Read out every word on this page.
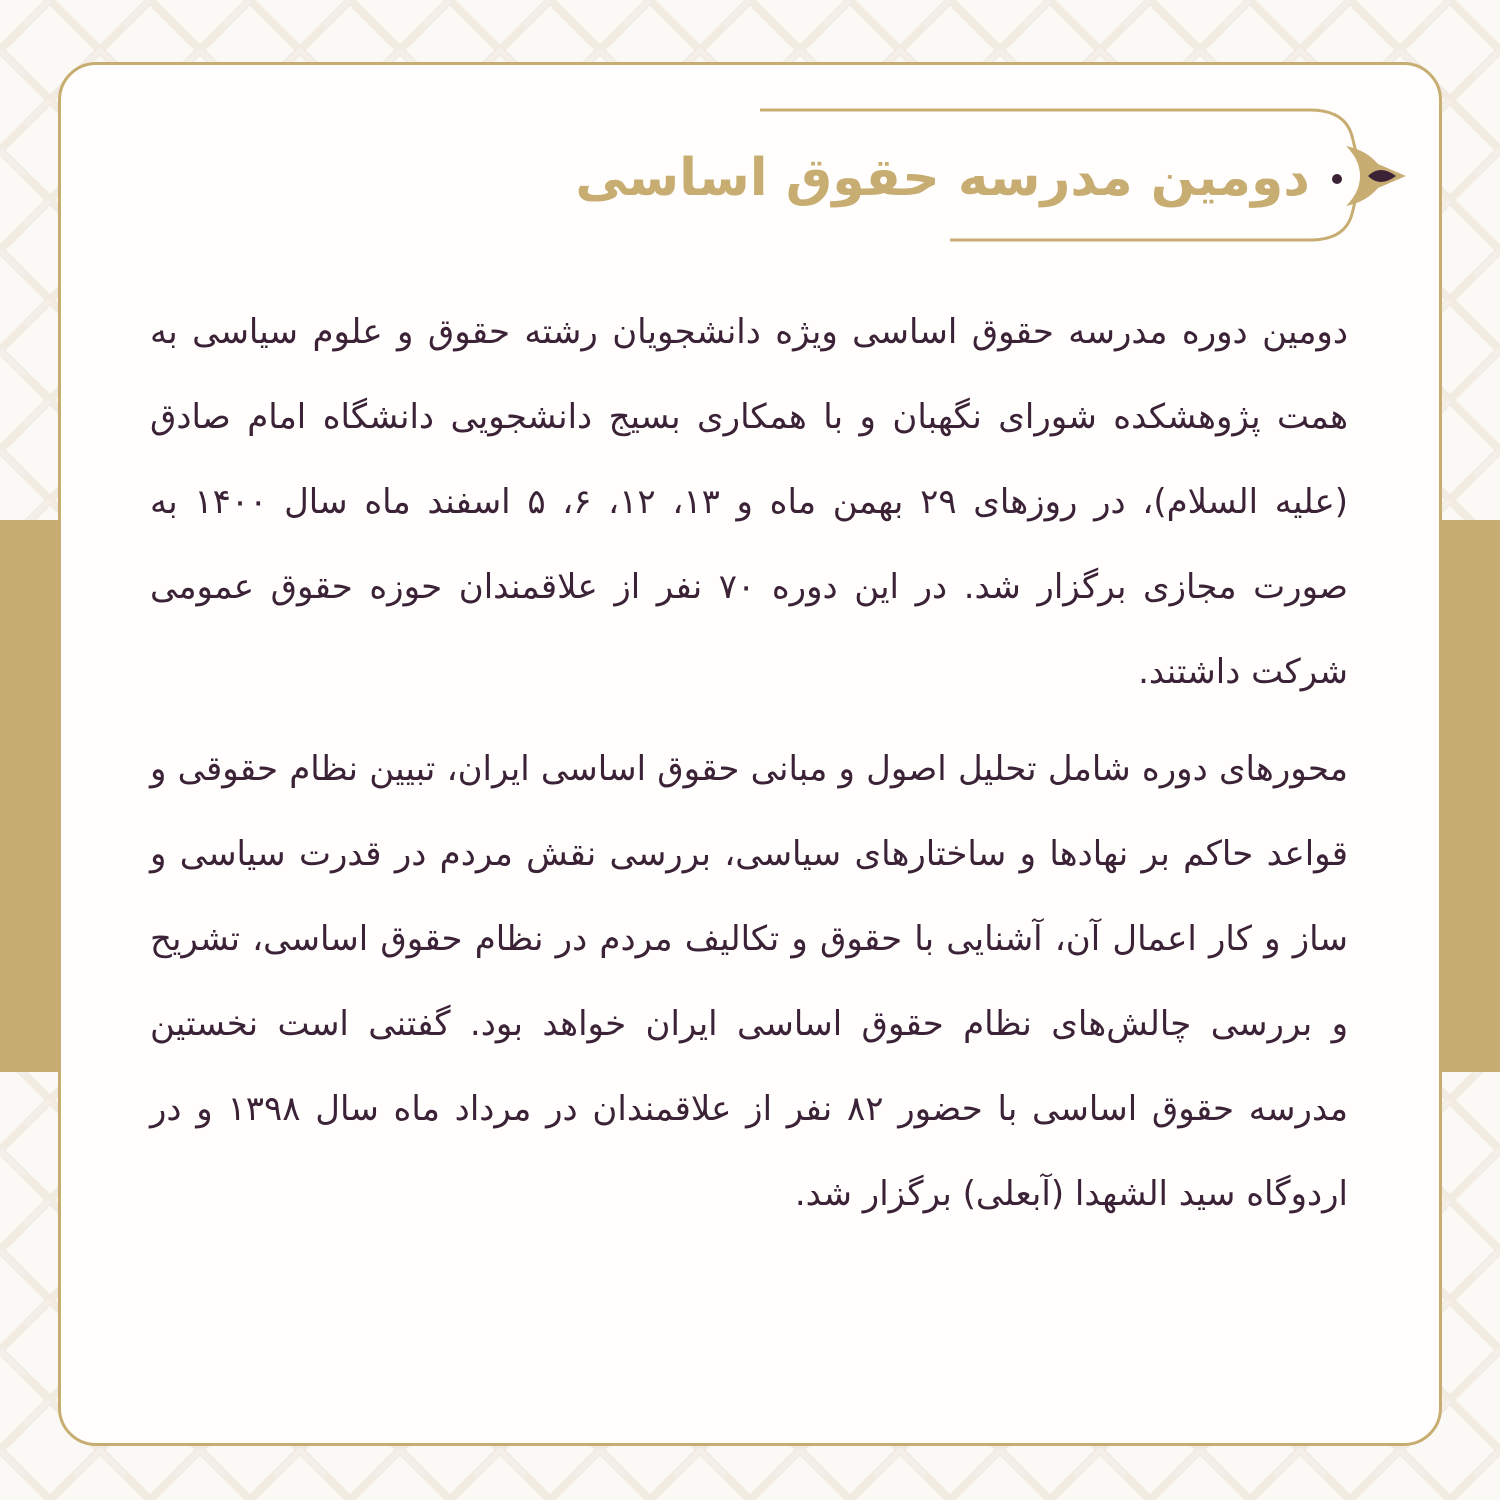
دومین مدرسه حقوق اساسی

دومین دوره مدرسه حقوق اساسی ویژه دانشجویان رشته حقوق و علوم سیاسی به همت پژوهشکده شورای نگهبان و با همکاری بسیج دانشجویی دانشگاه امام صادق (علیه السلام)، در روزهای ۲۹ بهمن ماه و ۱۳، ۱۲، ۶، ۵ اسفند ماه سال ۱۴۰۰ به صورت مجازی برگزار شد. در این دوره ۷۰ نفر از علاقمندان حوزه حقوق عمومی شرکت داشتند.

محورهای دوره شامل تحلیل اصول و مبانی حقوق اساسی ایران، تبیین نظام حقوقی و قواعد حاکم بر نهادها و ساختارهای سیاسی، بررسی نقش مردم در قدرت سیاسی و ساز و کار اعمال آن، آشنایی با حقوق و تکالیف مردم در نظام حقوق اساسی، تشریح و بررسی چالش‌های نظام حقوق اساسی ایران خواهد بود. گفتنی است نخستین مدرسه حقوق اساسی با حضور ۸۲ نفر از علاقمندان در مرداد ماه سال ۱۳۹۸ و در اردوگاه سید الشهدا (آبعلی) برگزار شد.
